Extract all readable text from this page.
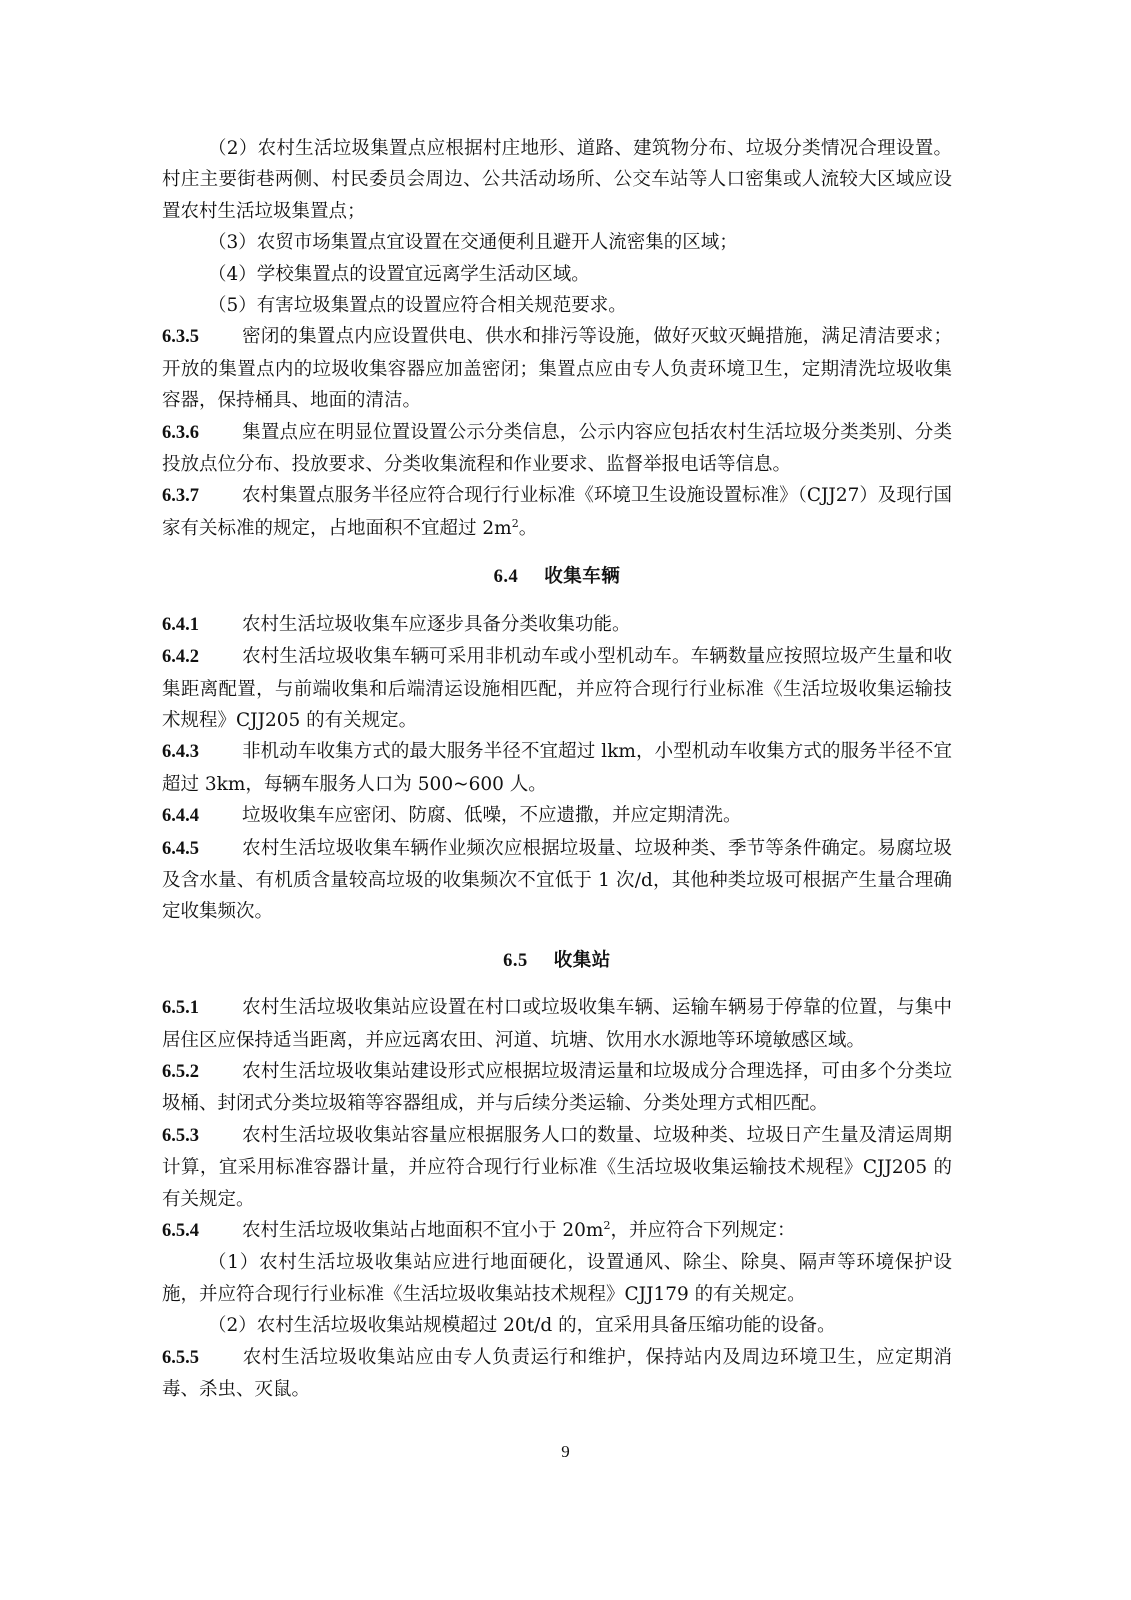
（2）农村生活垃圾集置点应根据村庄地形、道路、建筑物分布、垃圾分类情况合理设置。村庄主要街巷两侧、村民委员会周边、公共活动场所、公交车站等人口密集或人流较大区域应设置农村生活垃圾集置点；

（3）农贸市场集置点宜设置在交通便利且避开人流密集的区域；

（4）学校集置点的设置宜远离学生活动区域。

（5）有害垃圾集置点的设置应符合相关规范要求。

6.3.5 密闭的集置点内应设置供电、供水和排污等设施，做好灭蚊灭蝇措施，满足清洁要求；开放的集置点内的垃圾收集容器应加盖密闭；集置点应由专人负责环境卫生，定期清洗垃圾收集容器，保持桶具、地面的清洁。

6.3.6 集置点应在明显位置设置公示分类信息，公示内容应包括农村生活垃圾分类类别、分类投放点位分布、投放要求、分类收集流程和作业要求、监督举报电话等信息。

6.3.7 农村集置点服务半径应符合现行行业标准《环境卫生设施设置标准》（CJJ27）及现行国家有关标准的规定，占地面积不宜超过 $2m^2$。

6.4 收集车辆

6.4.1 农村生活垃圾收集车应逐步具备分类收集功能。

6.4.2 农村生活垃圾收集车辆可采用非机动车或小型机动车。车辆数量应按照垃圾产生量和收集距离配置，与前端收集和后端清运设施相匹配，并应符合现行行业标准《生活垃圾收集运输技术规程》CJJ205 的有关规定。

6.4.3 非机动车收集方式的最大服务半径不宜超过 lkm，小型机动车收集方式的服务半径不宜超过 3km，每辆车服务人口为 500~600 人。

6.4.4 垃圾收集车应密闭、防腐、低噪，不应遗撒，并应定期清洗。

6.4.5 农村生活垃圾收集车辆作业频次应根据垃圾量、垃圾种类、季节等条件确定。易腐垃圾及含水量、有机质含量较高垃圾的收集频次不宜低于 1 次/d，其他种类垃圾可根据产生量合理确定收集频次。

6.5 收集站

6.5.1 农村生活垃圾收集站应设置在村口或垃圾收集车辆、运输车辆易于停靠的位置，与集中居住区应保持适当距离，并应远离农田、河道、坑塘、饮用水水源地等环境敏感区域。

6.5.2 农村生活垃圾收集站建设形式应根据垃圾清运量和垃圾成分合理选择，可由多个分类垃圾桶、封闭式分类垃圾箱等容器组成，并与后续分类运输、分类处理方式相匹配。

6.5.3 农村生活垃圾收集站容量应根据服务人口的数量、垃圾种类、垃圾日产生量及清运周期计算，宜采用标准容器计量，并应符合现行行业标准《生活垃圾收集运输技术规程》CJJ205 的有关规定。

6.5.4 农村生活垃圾收集站占地面积不宜小于 $20m^2$，并应符合下列规定：

（1）农村生活垃圾收集站应进行地面硬化，设置通风、除尘、除臭、隔声等环境保护设施，并应符合现行行业标准《生活垃圾收集站技术规程》CJJ179 的有关规定。

（2）农村生活垃圾收集站规模超过 20t/d 的，宜采用具备压缩功能的设备。

6.5.5 农村生活垃圾收集站应由专人负责运行和维护，保持站内及周边环境卫生，应定期消毒、杀虫、灭鼠。

9
